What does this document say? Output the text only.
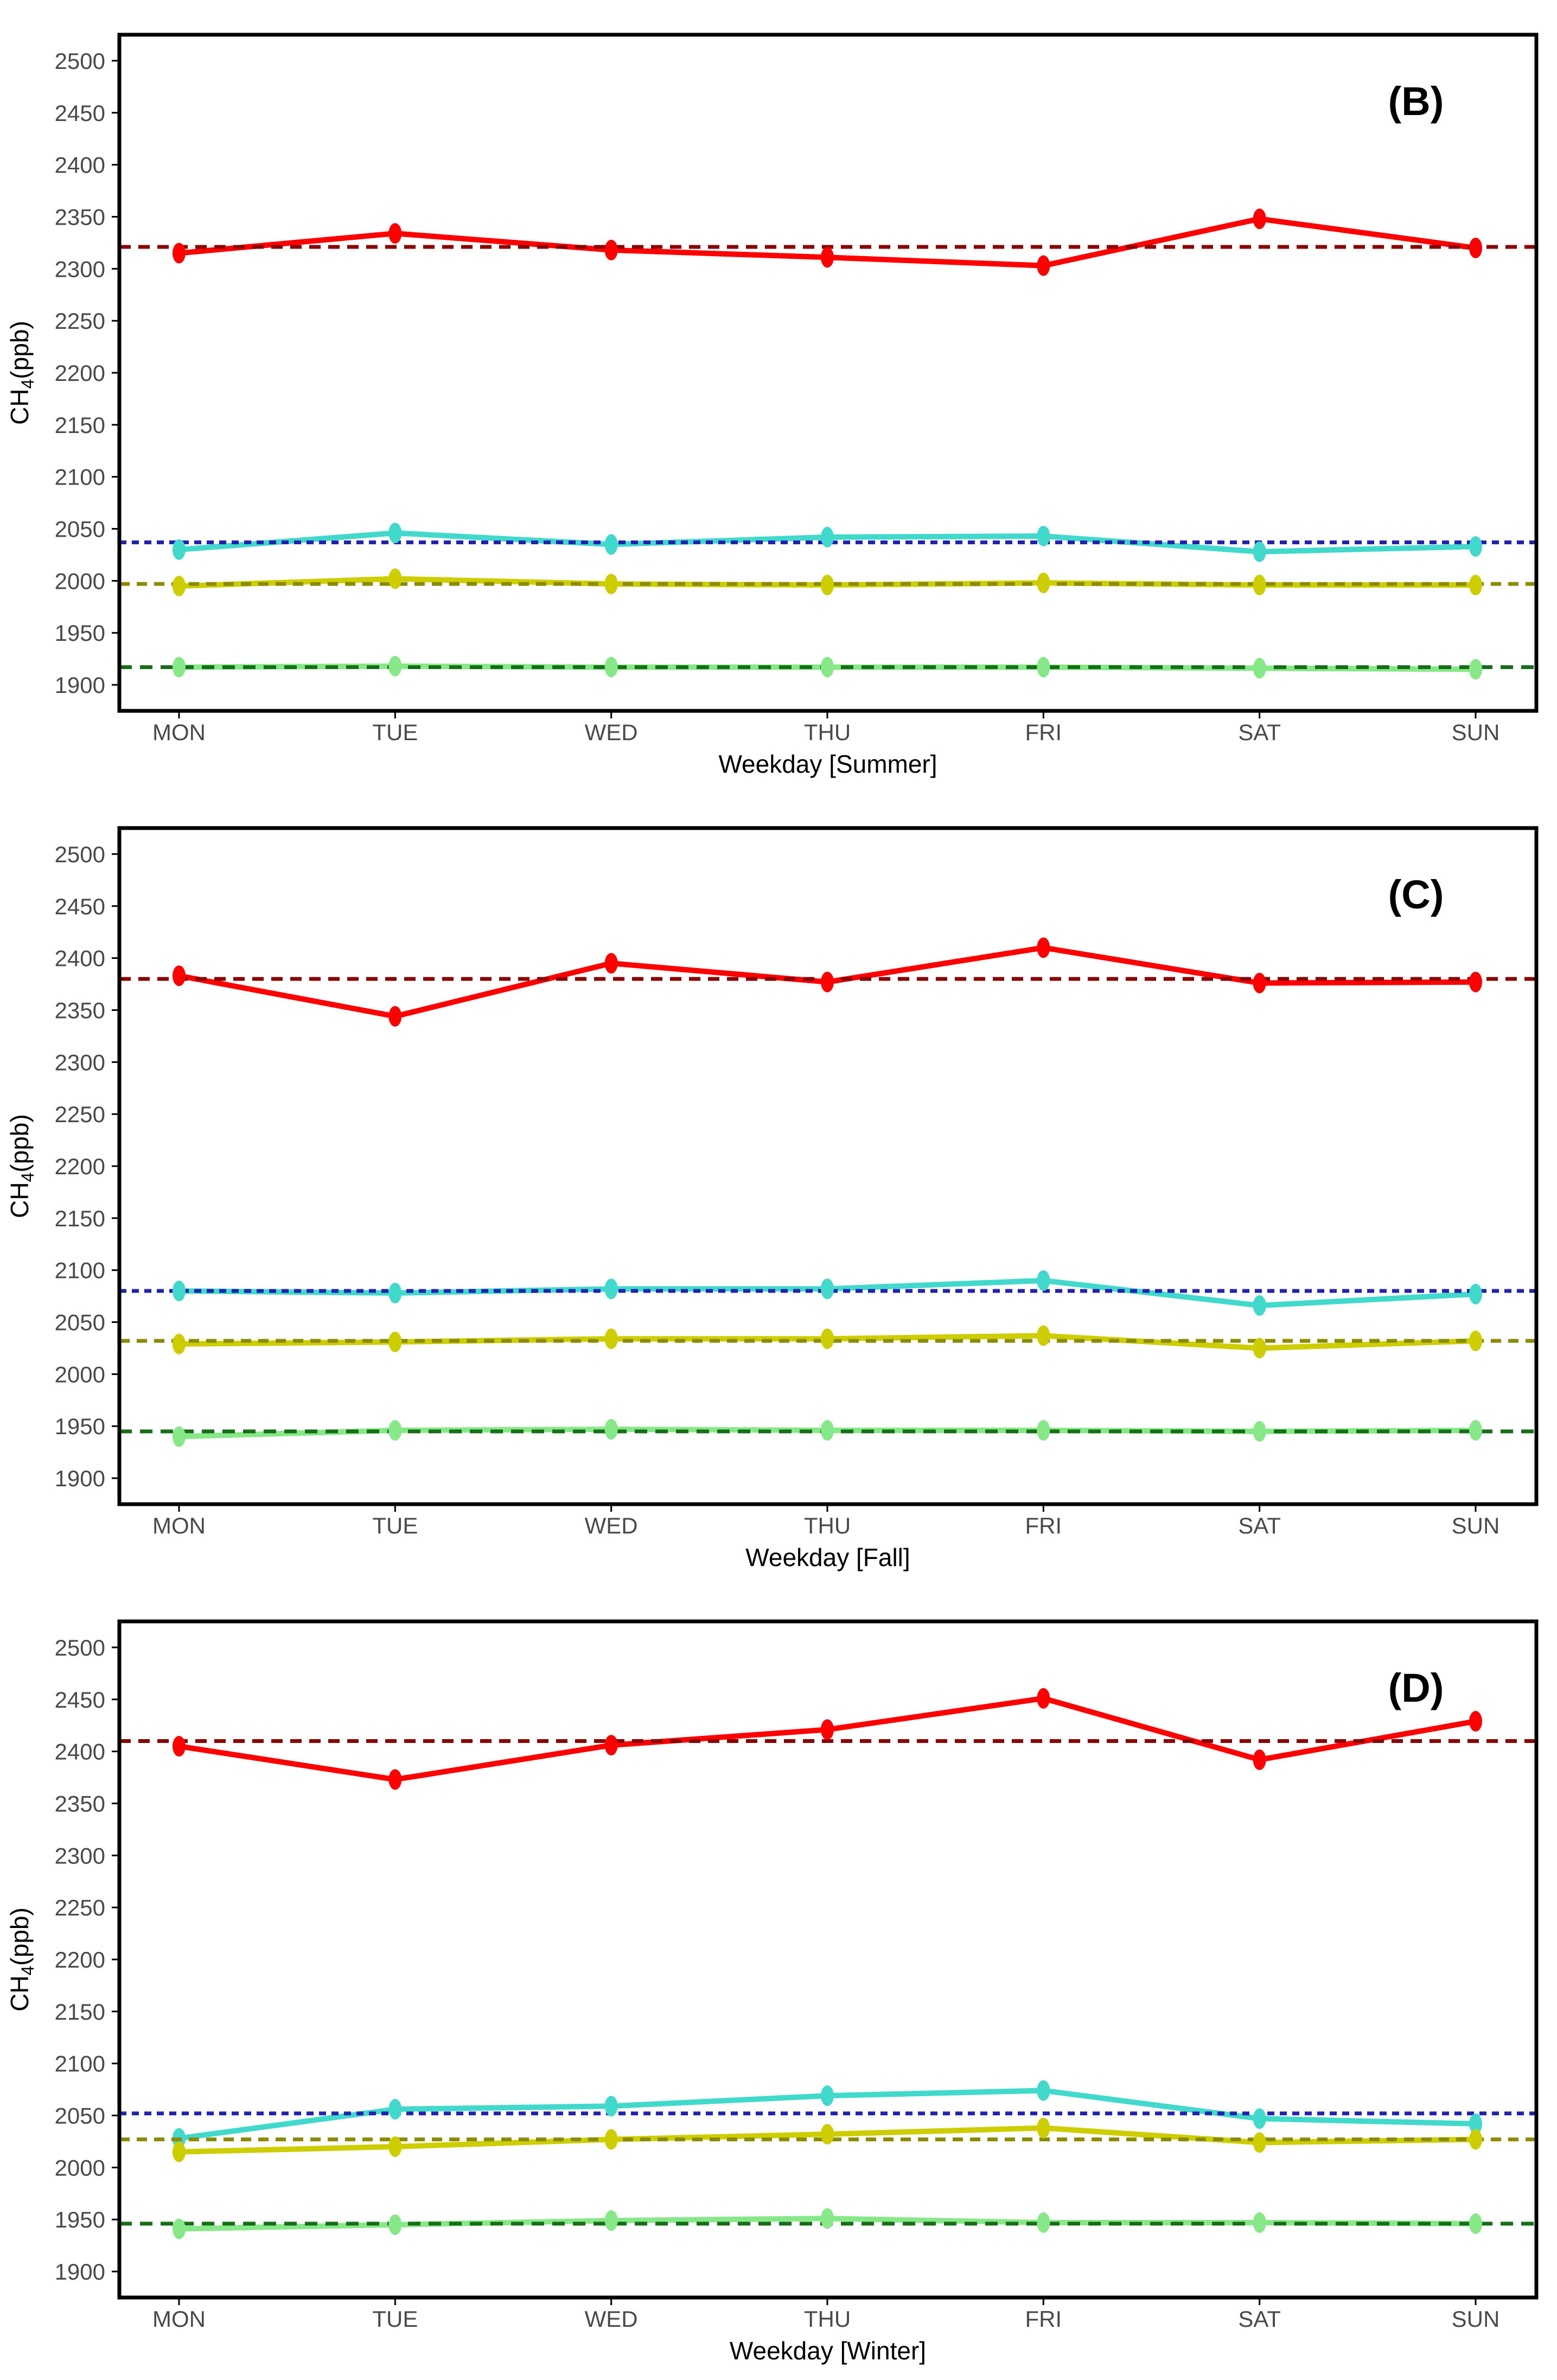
1900
1950
2000
2050
2100
2150
2200
2250
2300
2350
2400
2450
2500
MON	TUE	WED	THU	FRI	SAT	SUN
(B)
Weekday [Summer]
$CH_4(ppb)$
1900
1950
2000
2050
2100
2150
2200
2250
2300
2350
2400
2450
2500
MON	TUE	WED	THU	FRI	SAT	SUN
(C)
Weekday [Fall]
$CH_4(ppb)$
1900
1950
2000
2050
2100
2150
2200
2250
2300
2350
2400
2450
2500
MON	TUE	WED	THU	FRI	SAT	SUN
(D)
Weekday [Winter]
$CH_4(ppb)$
